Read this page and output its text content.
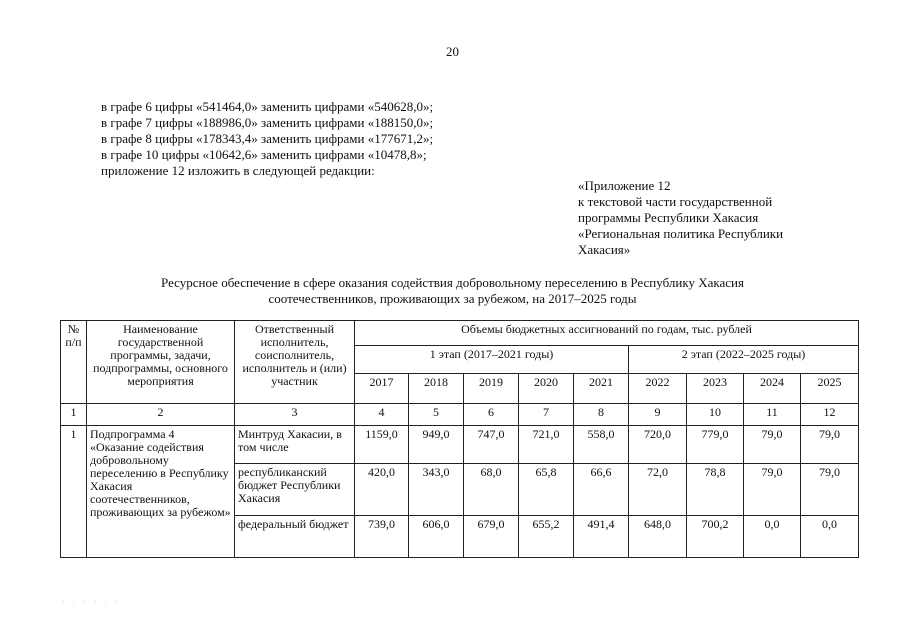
20
в графе 6 цифры «541464,0» заменить цифрами «540628,0»;
в графе 7 цифры «188986,0» заменить цифрами «188150,0»;
в графе 8 цифры «178343,4» заменить цифрами «177671,2»;
в графе 10 цифры «10642,6» заменить цифрами «10478,8»;
приложение 12 изложить в следующей редакции:
«Приложение 12
к текстовой части государственной
программы Республики Хакасия
«Региональная политика Республики
Хакасия»
Ресурсное обеспечение в сфере оказания содействия добровольному переселению в Республику Хакасия
соотечественников, проживающих за рубежом, на 2017–2025 годы
№ п/п	Наименование государственной программы, задачи, подпрограммы, основного мероприятия	Ответственный исполнитель, соисполнитель, исполнитель и (или) участник	Объемы бюджетных ассигнований по годам, тыс. рублей								
			1 этап (2017–2021 годы)					2 этап (2022–2025 годы)			
			2017	2018	2019	2020	2021	2022	2023	2024	2025
1	2	3	4	5	6	7	8	9	10	11	12
1	Подпрограмма 4 «Оказание содействия добровольному переселению в Республику Хакасия соотечественников, проживающих за рубежом»	Минтруд Хакасии, в том числе	1159,0	949,0	747,0	721,0	558,0	720,0	779,0	79,0	79,0
		республиканский бюджет Республики Хакасия	420,0	343,0	68,0	65,8	66,6	72,0	78,8	79,0	79,0
		федеральный бюджет	739,0	606,0	679,0	655,2	491,4	648,0	700,2	0,0	0,0
· · · · · ·
